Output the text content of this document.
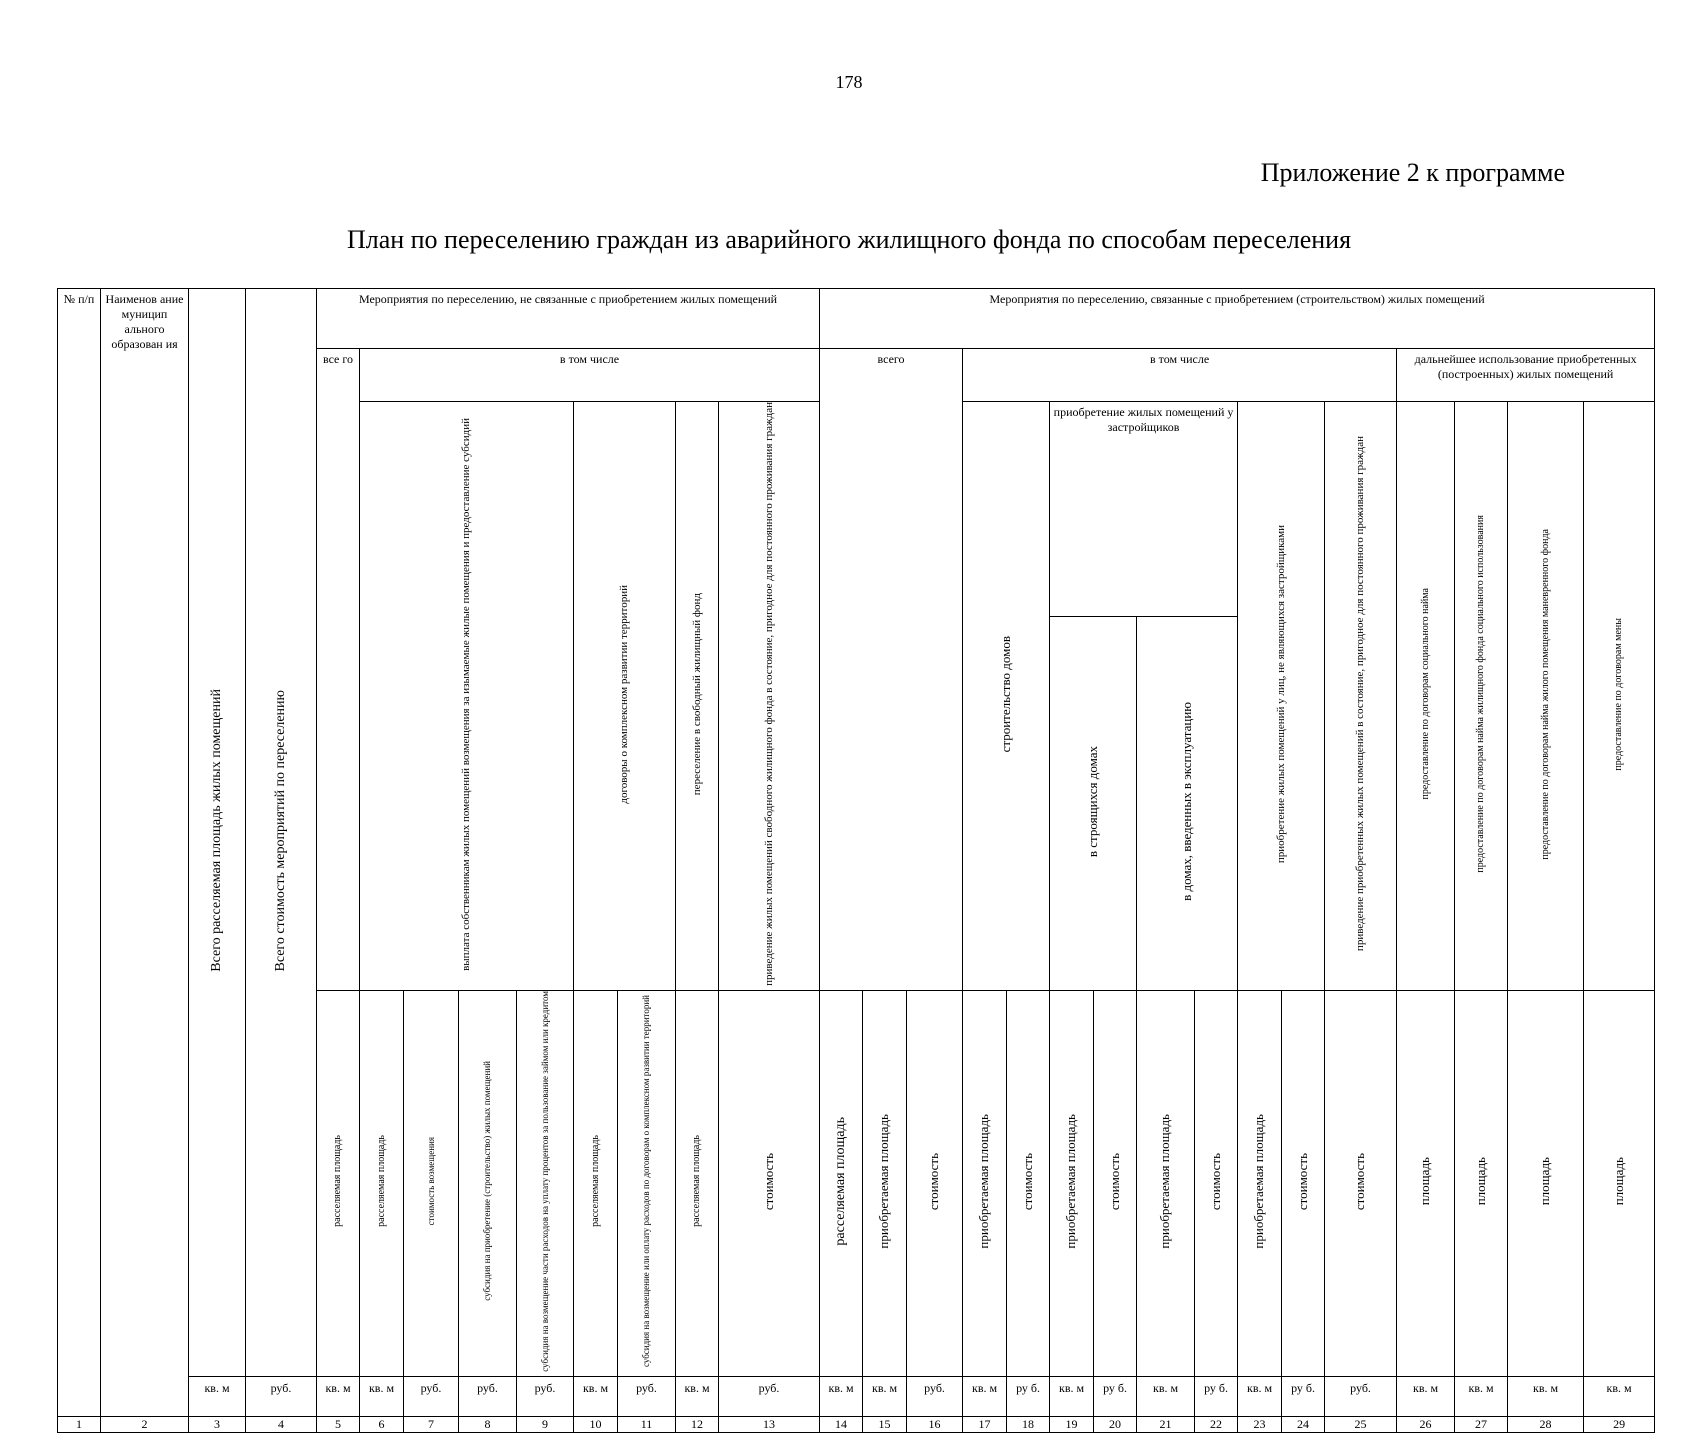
178
Приложение 2 к программе
План по переселению граждан из аварийного жилищного фонда по способам переселения
№ п/п	Наименов ание муницип ального образован ия	Всего расселяемая площадь жилых помещений	Всего стоимость мероприятий по переселению	Мероприятия по переселению, не связанные с приобретением жилых помещений									Мероприятия по переселению, связанные с приобретением (строительством) жилых помещений															
				все го	в том числе								всего			в том числе									дальнейшее использование приобретенных (построенных) жилых помещений			
					выплата собственникам жилых помещений возмещения за изымаемые жилые помещения и предоставление субсидий				договоры о комплексном развитии территорий		переселение в свободный жилищный фонд	приведение жилых помещений свободного жилищного фонда в состояние, пригодное для постоянного проживания граждан				строительство домов		приобретение жилых помещений у застройщиков				приобретение жилых помещений у лиц, не являющихся застройщиками		приведение приобретенных жилых помещений в состояние, пригодное для постоянного проживания граждан	предоставление по договорам социального найма	предоставление по договорам найма жилищного фонда социального использования	предоставление по договорам найма жилого помещения маневренного фонда	предоставление по договорам мены
																		в строящихся домах		в домах, введенных в эксплуатацию								
				расселяемая площадь	расселяемая площадь	стоимость возмещения	субсидия на приобретение (строительство) жилых помещений	субсидия на возмещение части расходов на уплату процентов за пользование займом или кредитом	расселяемая площадь	субсидия на возмещение или оплату расходов по договорам о комплексном развитии территорий	расселяемая площадь	стоимость	расселяемая площадь	приобретаемая площадь	стоимость	приобретаемая площадь	стоимость	приобретаемая площадь	стоимость	приобретаемая площадь	стоимость	приобретаемая площадь	стоимость	стоимость	площадь	площадь	площадь	площадь
		кв. м	руб.	кв. м	кв. м	руб.	руб.	руб.	кв. м	руб.	кв. м	руб.	кв. м	кв. м	руб.	кв. м	ру б.	кв. м	ру б.	кв. м	ру б.	кв. м	ру б.	руб.	кв. м	кв. м	кв. м	кв. м
1	2	3	4	5	6	7	8	9	10	11	12	13	14	15	16	17	18	19	20	21	22	23	24	25	26	27	28	29
